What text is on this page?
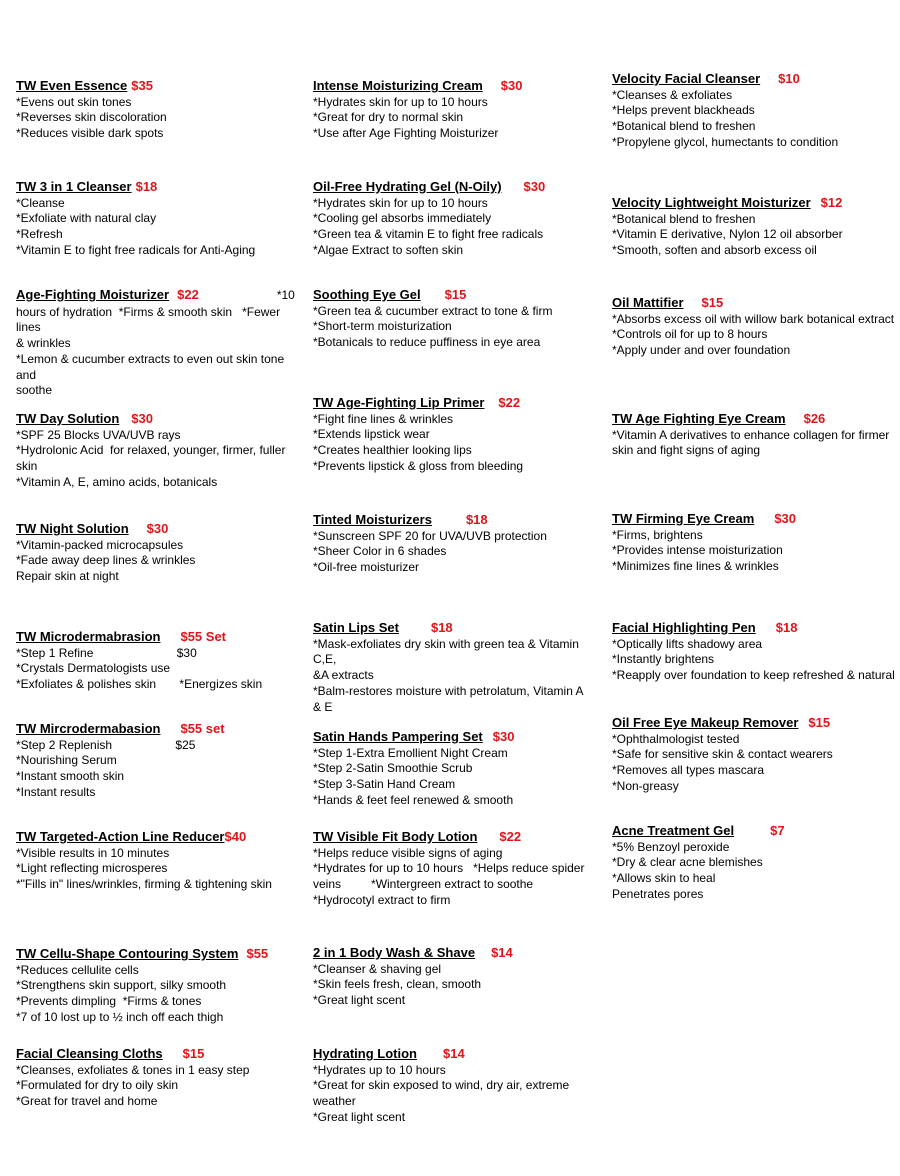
TW Even Essence $35
*Evens out skin tones
*Reverses skin discoloration
*Reduces visible dark spots
TW 3 in 1 Cleanser $18
*Cleanse
*Exfoliate with natural clay
*Refresh
*Vitamin E to fight free radicals for Anti-Aging
Age-Fighting Moisturizer $22	*10
hours of hydration  *Firms & smooth skin   *Fewer lines
& wrinkles
*Lemon & cucumber extracts to even out skin tone and
soothe
TW Day Solution $30
*SPF 25 Blocks UVA/UVB rays
*Hydrolonic Acid  for relaxed, younger, firmer, fuller skin
*Vitamin A, E, amino acids, botanicals
TW Night Solution $30
*Vitamin-packed microcapsules
*Fade away deep lines & wrinkles
Repair skin at night
TW Microdermabrasion $55 Set
*Step 1 Refine                         $30
*Crystals Dermatologists use
*Exfoliates & polishes skin       *Energizes skin
TW Mircrodermabasion $55 set
*Step 2 Replenish                   $25
*Nourishing Serum
*Instant smooth skin
*Instant results
TW Targeted-Action Line Reducer $40
*Visible results in 10 minutes
*Light reflecting microsperes
*"Fills in" lines/wrinkles, firming & tightening skin
TW Cellu-Shape Contouring System $55
*Reduces cellulite cells
*Strengthens skin support, silky smooth
*Prevents dimpling  *Firms & tones
*7 of 10 lost up to ½ inch off each thigh
Facial Cleansing Cloths $15
*Cleanses, exfoliates & tones in 1 easy step
*Formulated for dry to oily skin
*Great for travel and home
Intense Moisturizing Cream $30
*Hydrates skin for up to 10 hours
*Great for dry to normal skin
*Use after Age Fighting Moisturizer
Oil-Free Hydrating Gel (N-Oily) $30
*Hydrates skin for up to 10 hours
*Cooling gel absorbs immediately
*Green tea & vitamin E to fight free radicals
*Algae Extract to soften skin
Soothing Eye Gel $15
*Green tea & cucumber extract to tone & firm
*Short-term moisturization
*Botanicals to reduce puffiness in eye area
TW Age-Fighting Lip Primer $22
*Fight fine lines & wrinkles
*Extends lipstick wear
*Creates healthier looking lips
*Prevents lipstick & gloss from bleeding
Tinted Moisturizers	$18
*Sunscreen SPF 20 for UVA/UVB protection
*Sheer Color in 6 shades
*Oil-free moisturizer
Satin Lips Set $18
*Mask-exfoliates dry skin with green tea & Vitamin C,E,
&A extracts
*Balm-restores moisture with petrolatum, Vitamin A & E
Satin Hands Pampering Set $30
*Step 1-Extra Emollient Night Cream
*Step 2-Satin Smoothie Scrub
*Step 3-Satin Hand Cream
*Hands & feet feel renewed & smooth
TW Visible Fit Body Lotion $22
*Helps reduce visible signs of aging
*Hydrates for up to 10 hours   *Helps reduce spider
veins         *Wintergreen extract to soothe
*Hydrocotyl extract to firm
2 in 1 Body Wash & Shave $14
*Cleanser & shaving gel
*Skin feels fresh, clean, smooth
*Great light scent
Hydrating Lotion $14
*Hydrates up to 10 hours
*Great for skin exposed to wind, dry air, extreme
weather
*Great light scent
Velocity Facial Cleanser $10
*Cleanses & exfoliates
*Helps prevent blackheads
*Botanical blend to freshen
*Propylene glycol, humectants to condition
Velocity Lightweight Moisturizer $12
*Botanical blend to freshen
*Vitamin E derivative, Nylon 12 oil absorber
*Smooth, soften and absorb excess oil
Oil Mattifier $15
*Absorbs excess oil with willow bark botanical extract
*Controls oil for up to 8 hours
*Apply under and over foundation
TW Age Fighting Eye Cream $26
*Vitamin A derivatives to enhance collagen for firmer
skin and fight signs of aging
TW Firming Eye Cream $30
*Firms, brightens
*Provides intense moisturization
*Minimizes fine lines & wrinkles
Facial Highlighting Pen $18
*Optically lifts shadowy area
*Instantly brightens
*Reapply over foundation to keep refreshed & natural
Oil Free Eye Makeup Remover $15
*Ophthalmologist tested
*Safe for sensitive skin & contact wearers
*Removes all types mascara
*Non-greasy
Acne Treatment Gel	$7
*5% Benzoyl peroxide
*Dry & clear acne blemishes
*Allows skin to heal
Penetrates pores
